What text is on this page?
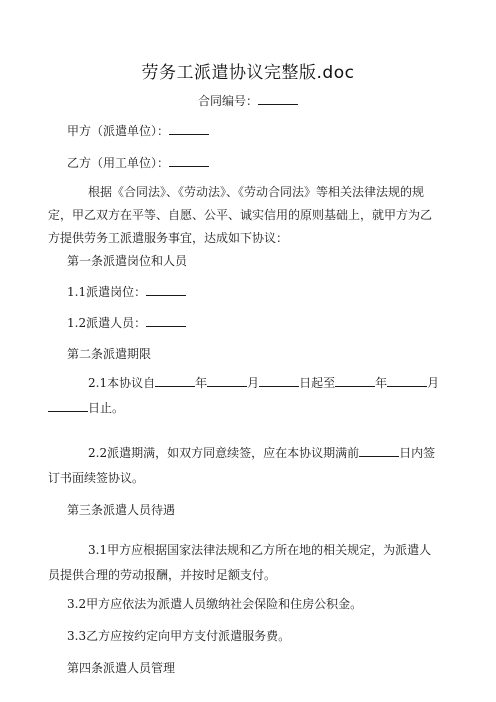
劳务工派遣协议完整版.doc
合同编号：
甲方（派遣单位）：
乙方（用工单位）：
根据《合同法》、《劳动法》、《劳动合同法》等相关法律法规的规定，甲乙双方在平等、自愿、公平、诚实信用的原则基础上，就甲方为乙方提供劳务工派遣服务事宜，达成如下协议：
第一条派遣岗位和人员
1.1派遣岗位：
1.2派遣人员：
第二条派遣期限
2.1本协议自	年	月	日起至	年	月日止。
2.2派遣期满，如双方同意续签，应在本协议期满前	日内签订书面续签协议。
第三条派遣人员待遇
3.1甲方应根据国家法律法规和乙方所在地的相关规定，为派遣人员提供合理的劳动报酬，并按时足额支付。
3.2甲方应依法为派遣人员缴纳社会保险和住房公积金。
3.3乙方应按约定向甲方支付派遣服务费。
第四条派遣人员管理
